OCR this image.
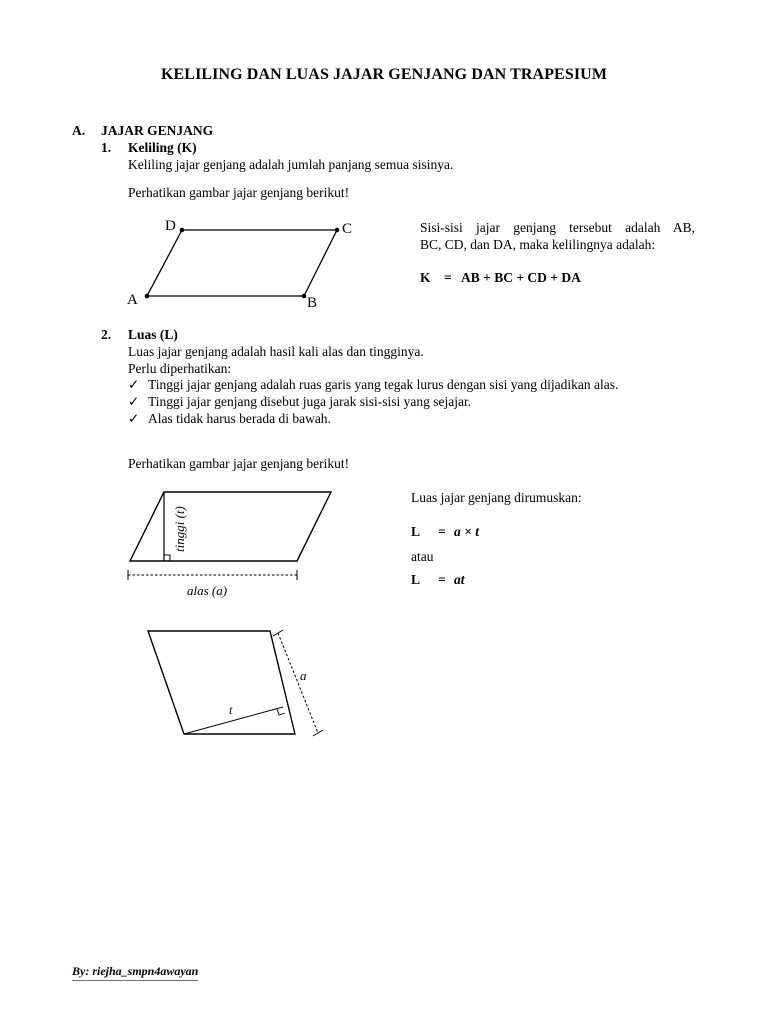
KELILING DAN LUAS JAJAR GENJANG DAN TRAPESIUM
A. JAJAR GENJANG
1. Keliling (K)
Keliling jajar genjang adalah jumlah panjang semua sisinya.
Perhatikan gambar jajar genjang berikut!
D	C
A	B
Sisi-sisi jajar genjang tersebut adalah AB,
BC, CD, dan DA, maka kelilingnya adalah:
K = AB + BC + CD + DA
2. Luas (L)
Luas jajar genjang adalah hasil kali alas dan tingginya.
Perlu diperhatikan:
✓ Tinggi jajar genjang adalah ruas garis yang tegak lurus dengan sisi yang dijadikan alas.
✓ Tinggi jajar genjang disebut juga jarak sisi-sisi yang sejajar.
✓ Alas tidak harus berada di bawah.
Perhatikan gambar jajar genjang berikut!
tinggi (t)
alas (a)
Luas jajar genjang dirumuskan:
L = a × t
atau
L = at
a
t
By: riejha_smpn4awayan
